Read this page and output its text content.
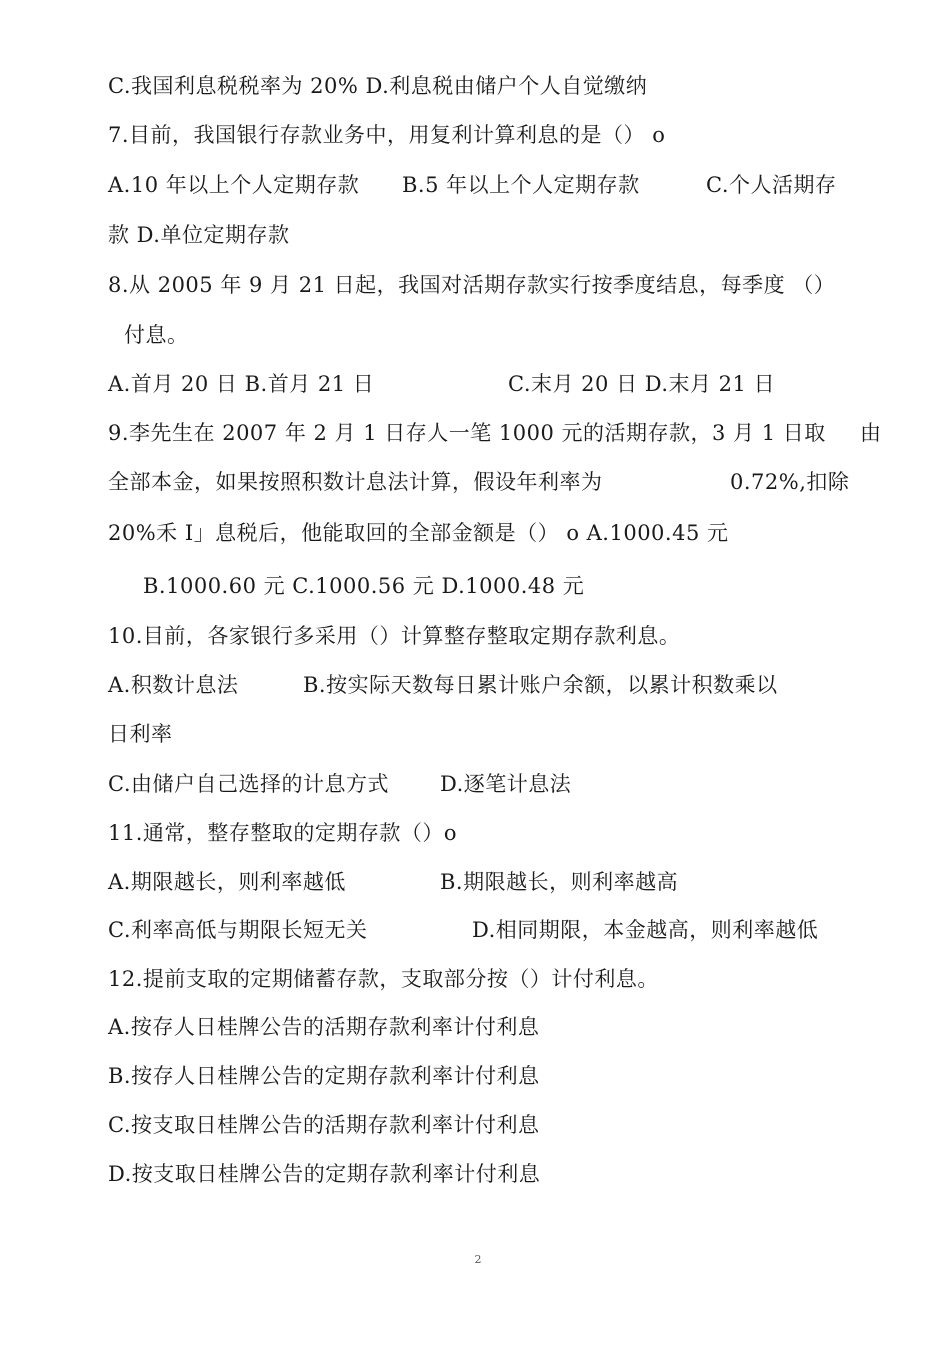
C.我国利息税税率为 20% D.利息税由储户个人自觉缴纳
7.目前，我国银行存款业务中，用复利计算利息的是（） o
A.10 年以上个人定期存款 B.5 年以上个人定期存款	C.个人活期存
款 D.单位定期存款
8.从 2005 年 9 月 21 日起，我国对活期存款实行按季度结息，每季度 （）
付息。
A.首月 20 日 B.首月 21 日	C.末月 20 日 D.末月 21 日
9.李先生在 2007 年 2 月 1 日存人一笔 1000 元的活期存款，3 月 1 日取 由
全部本金，如果按照积数计息法计算，假设年利率为	0.72%,扣除
20%禾 I」息税后，他能取回的全部金额是（） o A.1000.45 元
B.1000.60 元 C.1000.56 元 D.1000.48 元
10.目前，各家银行多采用（）计算整存整取定期存款利息。
A.积数计息法	B.按实际天数每日累计账户余额，以累计积数乘以
日利率
C.由储户自己选择的计息方式 D.逐笔计息法
11.通常，整存整取的定期存款（）o
A.期限越长，则利率越低	B.期限越长，则利率越高
C.利率高低与期限长短无关	D.相同期限，本金越高，则利率越低
12.提前支取的定期储蓄存款，支取部分按（）计付利息。
A.按存人日桂牌公告的活期存款利率计付利息
B.按存人日桂牌公告的定期存款利率计付利息
C.按支取日桂牌公告的活期存款利率计付利息
D.按支取日桂牌公告的定期存款利率计付利息
2
